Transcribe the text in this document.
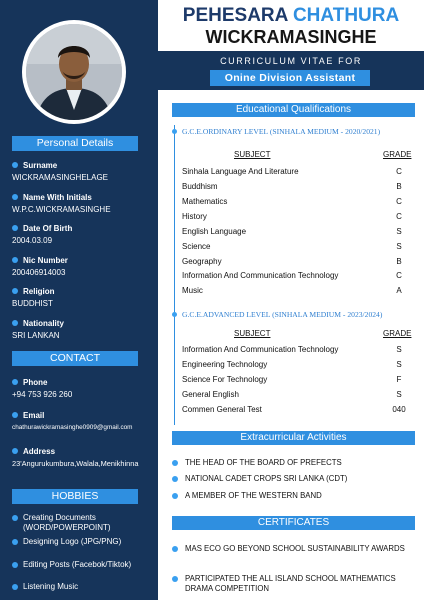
Personal Details
Surname
WICKRAMASINGHELAGE
Name With Initials
W.P.C.WICKRAMASINGHE
Date Of Birth
2004.03.09
Nic Number
200406914003
Religion
BUDDHIST
Nationality
SRI LANKAN
CONTACT
Phone
+94 753 926 260
Email
chathurawickramasinghe0909@gmail.com
Address
23'Angurukumbura,Walala,Menikhinna
HOBBIES
Creating Documents (WORD/POWERPOINT)
Designing Logo (JPG/PNG)
Editing Posts (Facebok/Tiktok)
Listening Music
PEHESARA CHATHURA
WICKRAMASINGHE
CURRICULUM VITAE FOR
Onine Division Assistant
Educational Qualifications
G.C.E.ORDINARY LEVEL (SINHALA MEDIUM - 2020/2021)
SUBJECT	GRADE
Sinhala Language And Literature	C
Buddhism	B
Mathematics	C
History	C
English Language	S
Science	S
Geography	B
Information And Communication Technology	C
Music	A
G.C.E.ADVANCED LEVEL (SINHALA MEDIUM - 2023/2024)
SUBJECT	GRADE
Information And Communication Technology	S
Engineering Technology	S
Science For Technology	F
General English	S
Commen General Test	040
Extracurricular Activities
THE HEAD OF THE BOARD OF PREFECTS
NATIONAL CADET CROPS SRI LANKA (CDT)
A MEMBER OF THE WESTERN BAND
CERTIFICATES
MAS ECO GO BEYOND SCHOOL SUSTAINABILITY AWARDS
PARTICIPATED THE ALL ISLAND SCHOOL MATHEMATICS DRAMA COMPETITION
